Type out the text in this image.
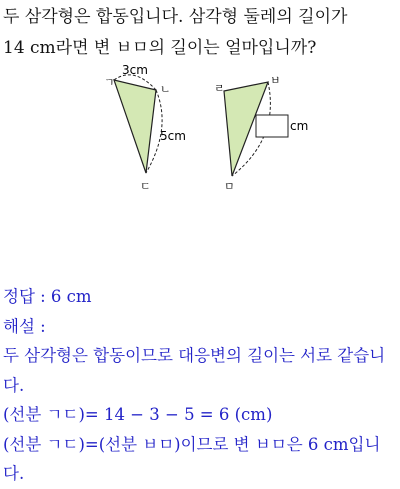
두 삼각형은 합동입니다. 삼각형 둘레의 길이가
14 cm라면 변 ㅂㅁ의 길이는 얼마입니까?
ㄱ
ㄴ
ㄷ
3cm
5cm
cm
ㄹ
ㅂ
ㅁ
정답 : 6 cm
해설 :
두 삼각형은 합동이므로 대응변의 길이는 서로 같습니
다.
(선분 ㄱㄷ)= 14 − 3 − 5 = 6 (cm)
(선분 ㄱㄷ)=(선분 ㅂㅁ)이므로 변 ㅂㅁ은 6 cm입니
다.
